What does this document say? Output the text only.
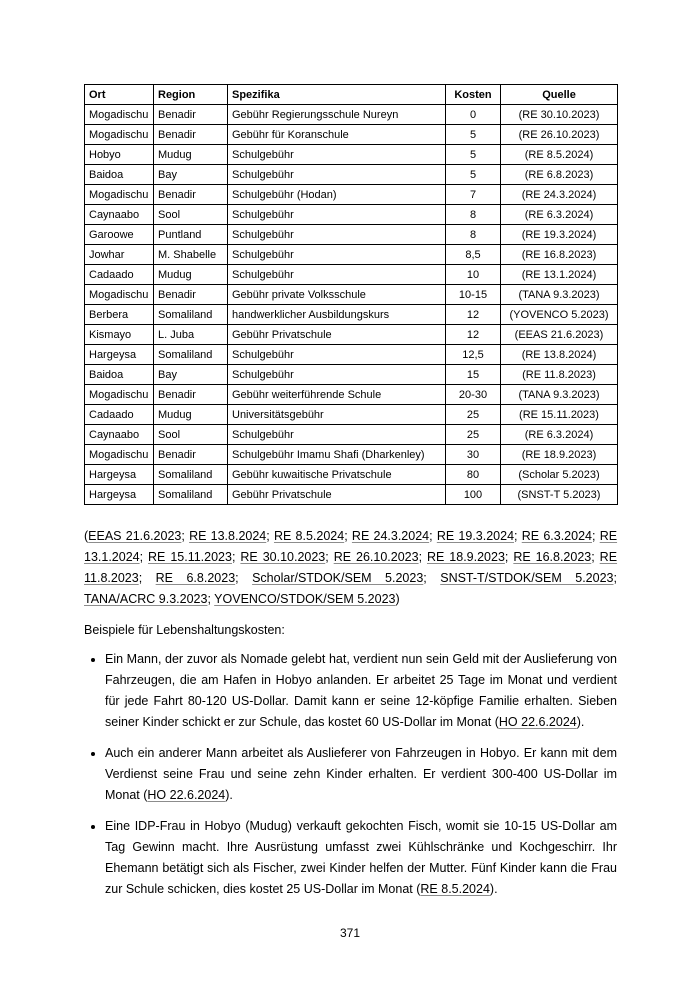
Ort	Region	Spezifika	Kosten	Quelle
Mogadischu	Benadir	Gebühr Regierungsschule Nureyn	0	(RE 30.10.2023)
Mogadischu	Benadir	Gebühr für Koranschule	5	(RE 26.10.2023)
Hobyo	Mudug	Schulgebühr	5	(RE 8.5.2024)
Baidoa	Bay	Schulgebühr	5	(RE 6.8.2023)
Mogadischu	Benadir	Schulgebühr (Hodan)	7	(RE 24.3.2024)
Caynaabo	Sool	Schulgebühr	8	(RE 6.3.2024)
Garoowe	Puntland	Schulgebühr	8	(RE 19.3.2024)
Jowhar	M. Shabelle	Schulgebühr	8,5	(RE 16.8.2023)
Cadaado	Mudug	Schulgebühr	10	(RE 13.1.2024)
Mogadischu	Benadir	Gebühr private Volksschule	10-15	(TANA 9.3.2023)
Berbera	Somaliland	handwerklicher Ausbildungskurs	12	(YOVENCO 5.2023)
Kismayo	L. Juba	Gebühr Privatschule	12	(EEAS 21.6.2023)
Hargeysa	Somaliland	Schulgebühr	12,5	(RE 13.8.2024)
Baidoa	Bay	Schulgebühr	15	(RE 11.8.2023)
Mogadischu	Benadir	Gebühr weiterführende Schule	20-30	(TANA 9.3.2023)
Cadaado	Mudug	Universitätsgebühr	25	(RE 15.11.2023)
Caynaabo	Sool	Schulgebühr	25	(RE 6.3.2024)
Mogadischu	Benadir	Schulgebühr Imamu Shafi (Dharkenley)	30	(RE 18.9.2023)
Hargeysa	Somaliland	Gebühr kuwaitische Privatschule	80	(Scholar 5.2023)
Hargeysa	Somaliland	Gebühr Privatschule	100	(SNST-T 5.2023)

(EEAS 21.6.2023; RE 13.8.2024; RE 8.5.2024; RE 24.3.2024; RE 19.3.2024; RE 6.3.2024; RE 13.1.2024; RE 15.11.2023; RE 30.10.2023; RE 26.10.2023; RE 18.9.2023; RE 16.8.2023; RE 11.8.2023; RE 6.8.2023; Scholar/STDOK/SEM 5.2023; SNST-T/STDOK/SEM 5.2023; TANA/ACRC 9.3.2023; YOVENCO/STDOK/SEM 5.2023)

Beispiele für Lebenshaltungskosten:

• Ein Mann, der zuvor als Nomade gelebt hat, verdient nun sein Geld mit der Auslieferung von Fahrzeugen, die am Hafen in Hobyo anlanden. Er arbeitet 25 Tage im Monat und verdient für jede Fahrt 80-120 US-Dollar. Damit kann er seine 12-köpfige Familie erhalten. Sieben seiner Kinder schickt er zur Schule, das kostet 60 US-Dollar im Monat (HO 22.6.2024).
• Auch ein anderer Mann arbeitet als Auslieferer von Fahrzeugen in Hobyo. Er kann mit dem Verdienst seine Frau und seine zehn Kinder erhalten. Er verdient 300-400 US-Dollar im Monat (HO 22.6.2024).
• Eine IDP-Frau in Hobyo (Mudug) verkauft gekochten Fisch, womit sie 10-15 US-Dollar am Tag Gewinn macht. Ihre Ausrüstung umfasst zwei Kühlschränke und Kochgeschirr. Ihr Ehemann betätigt sich als Fischer, zwei Kinder helfen der Mutter. Fünf Kinder kann die Frau zur Schule schicken, dies kostet 25 US-Dollar im Monat (RE 8.5.2024).
371
